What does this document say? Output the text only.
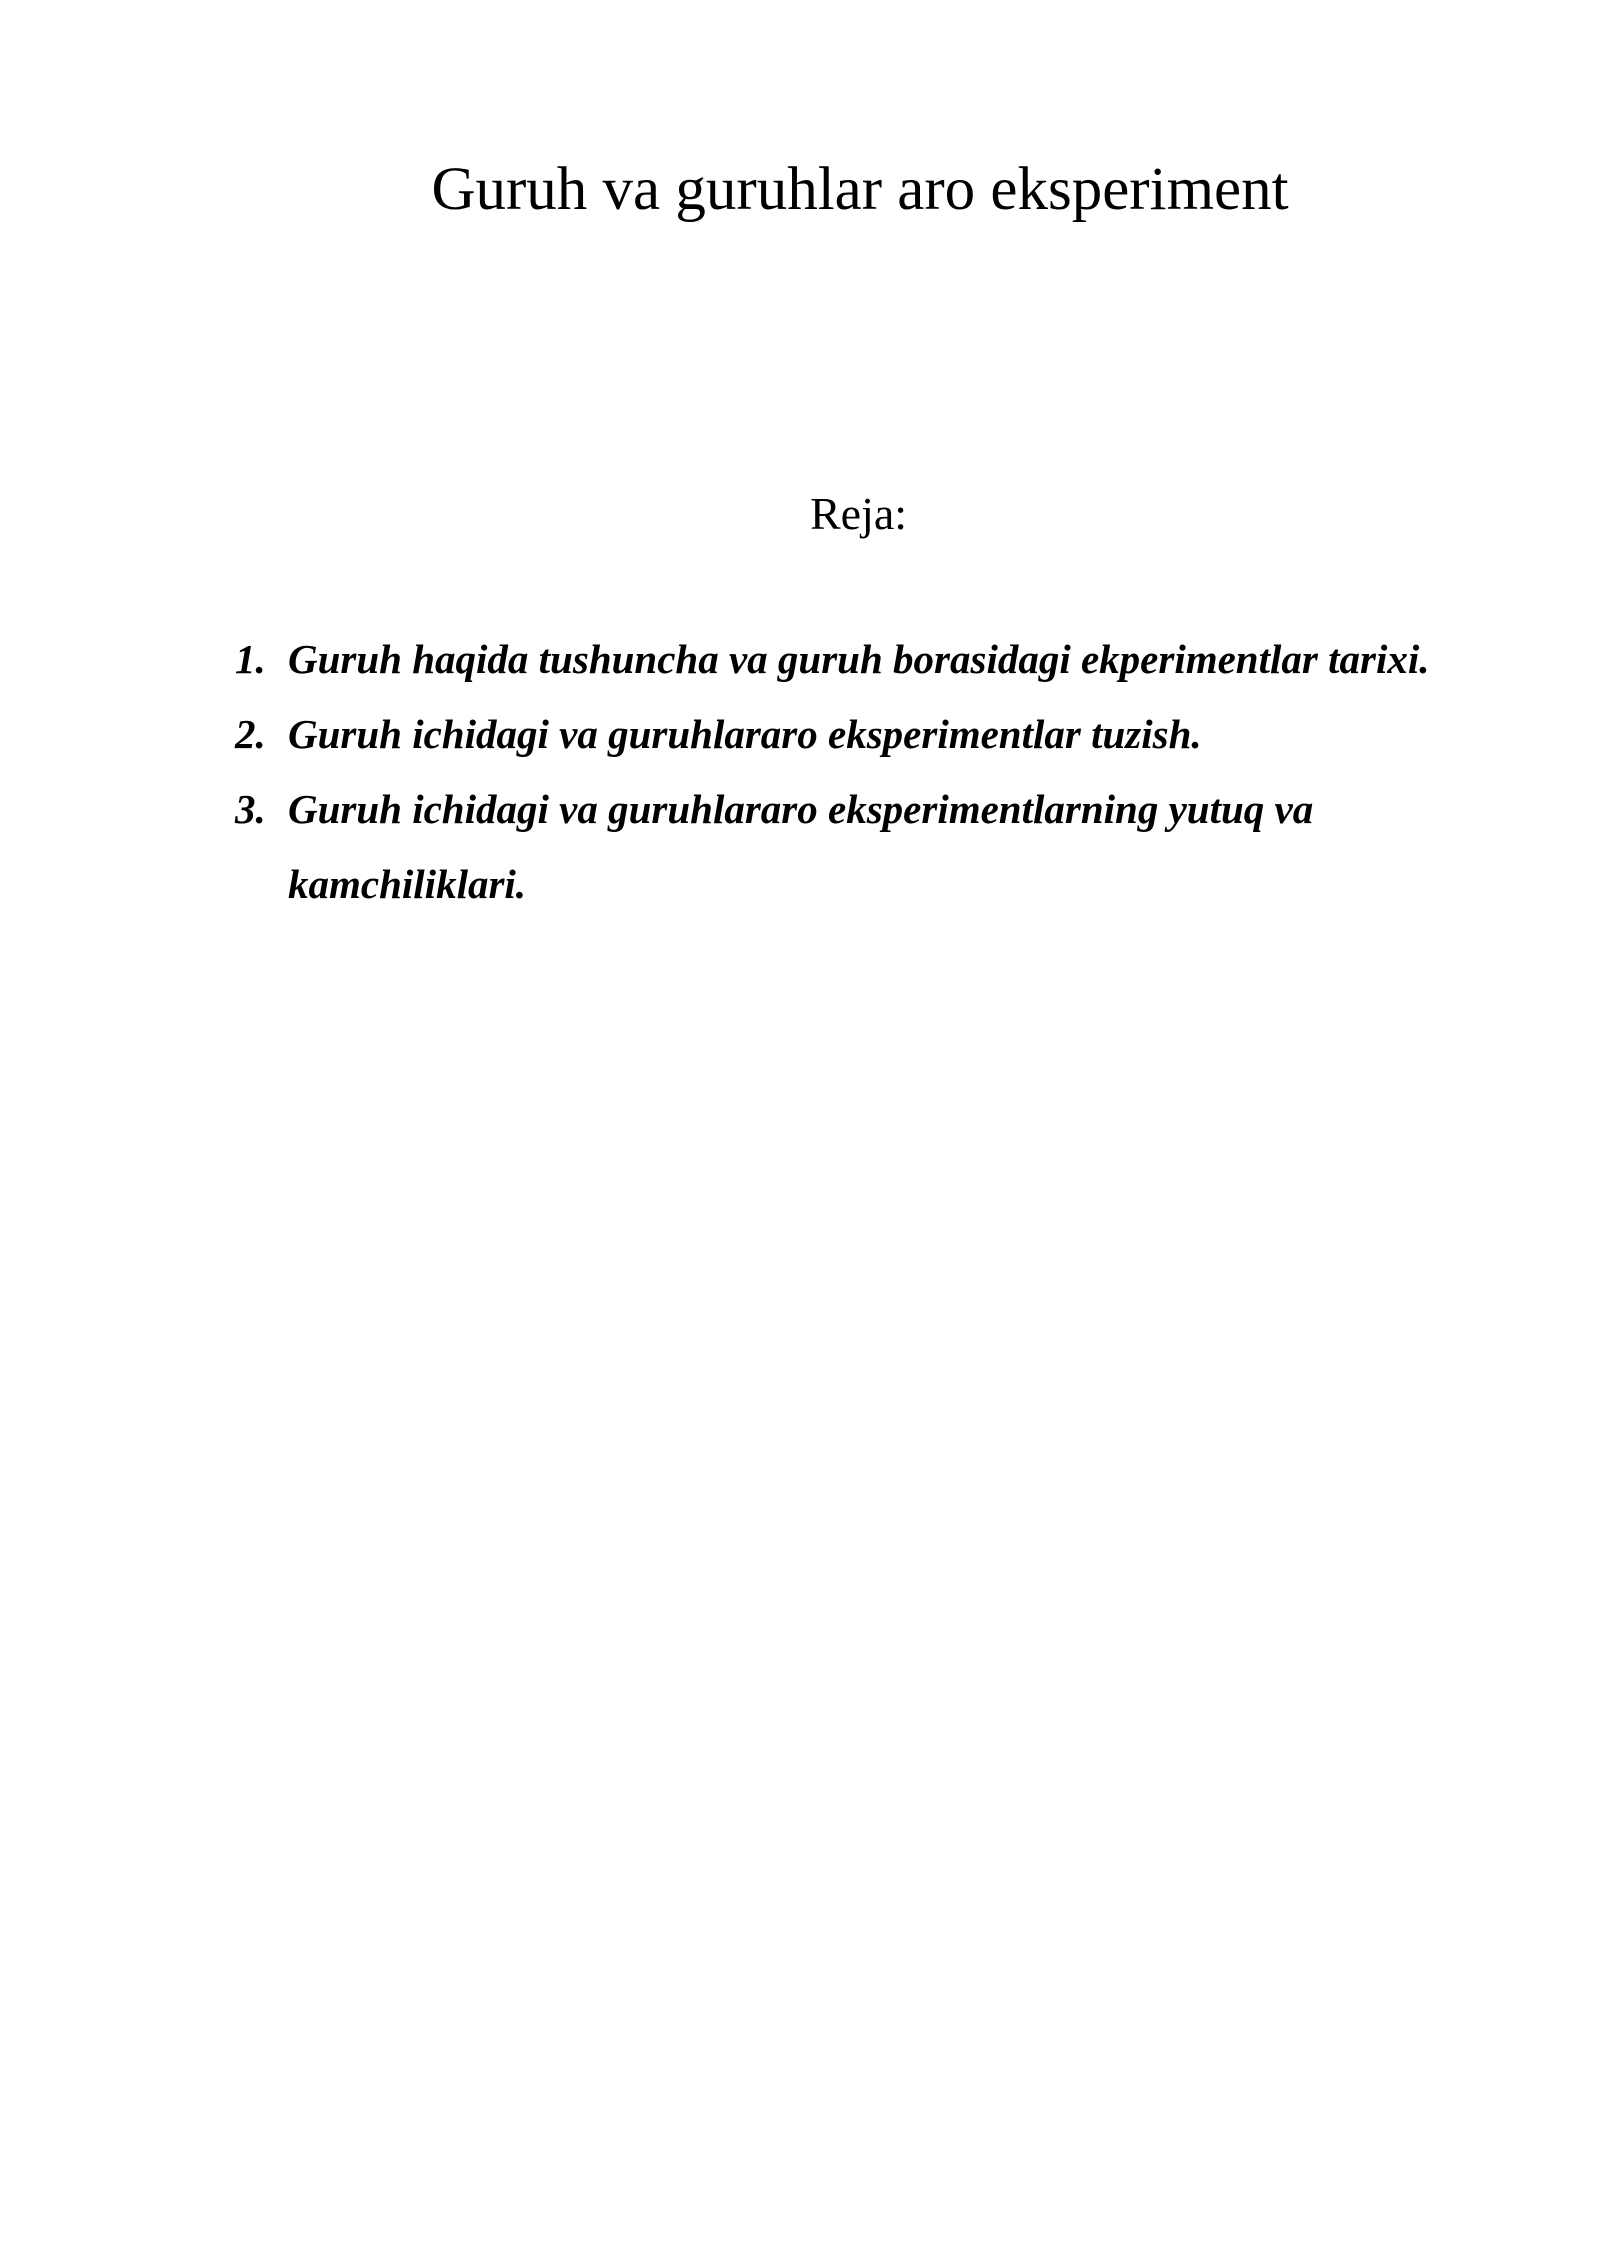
Guruh va guruhlar aro eksperiment
Reja:
1. Guruh haqida tushuncha va guruh borasidagi ekperimentlar tarixi.
2. Guruh ichidagi va guruhlararo eksperimentlar tuzish.
3. Guruh ichidagi va guruhlararo eksperimentlarning yutuq va kamchiliklari.
